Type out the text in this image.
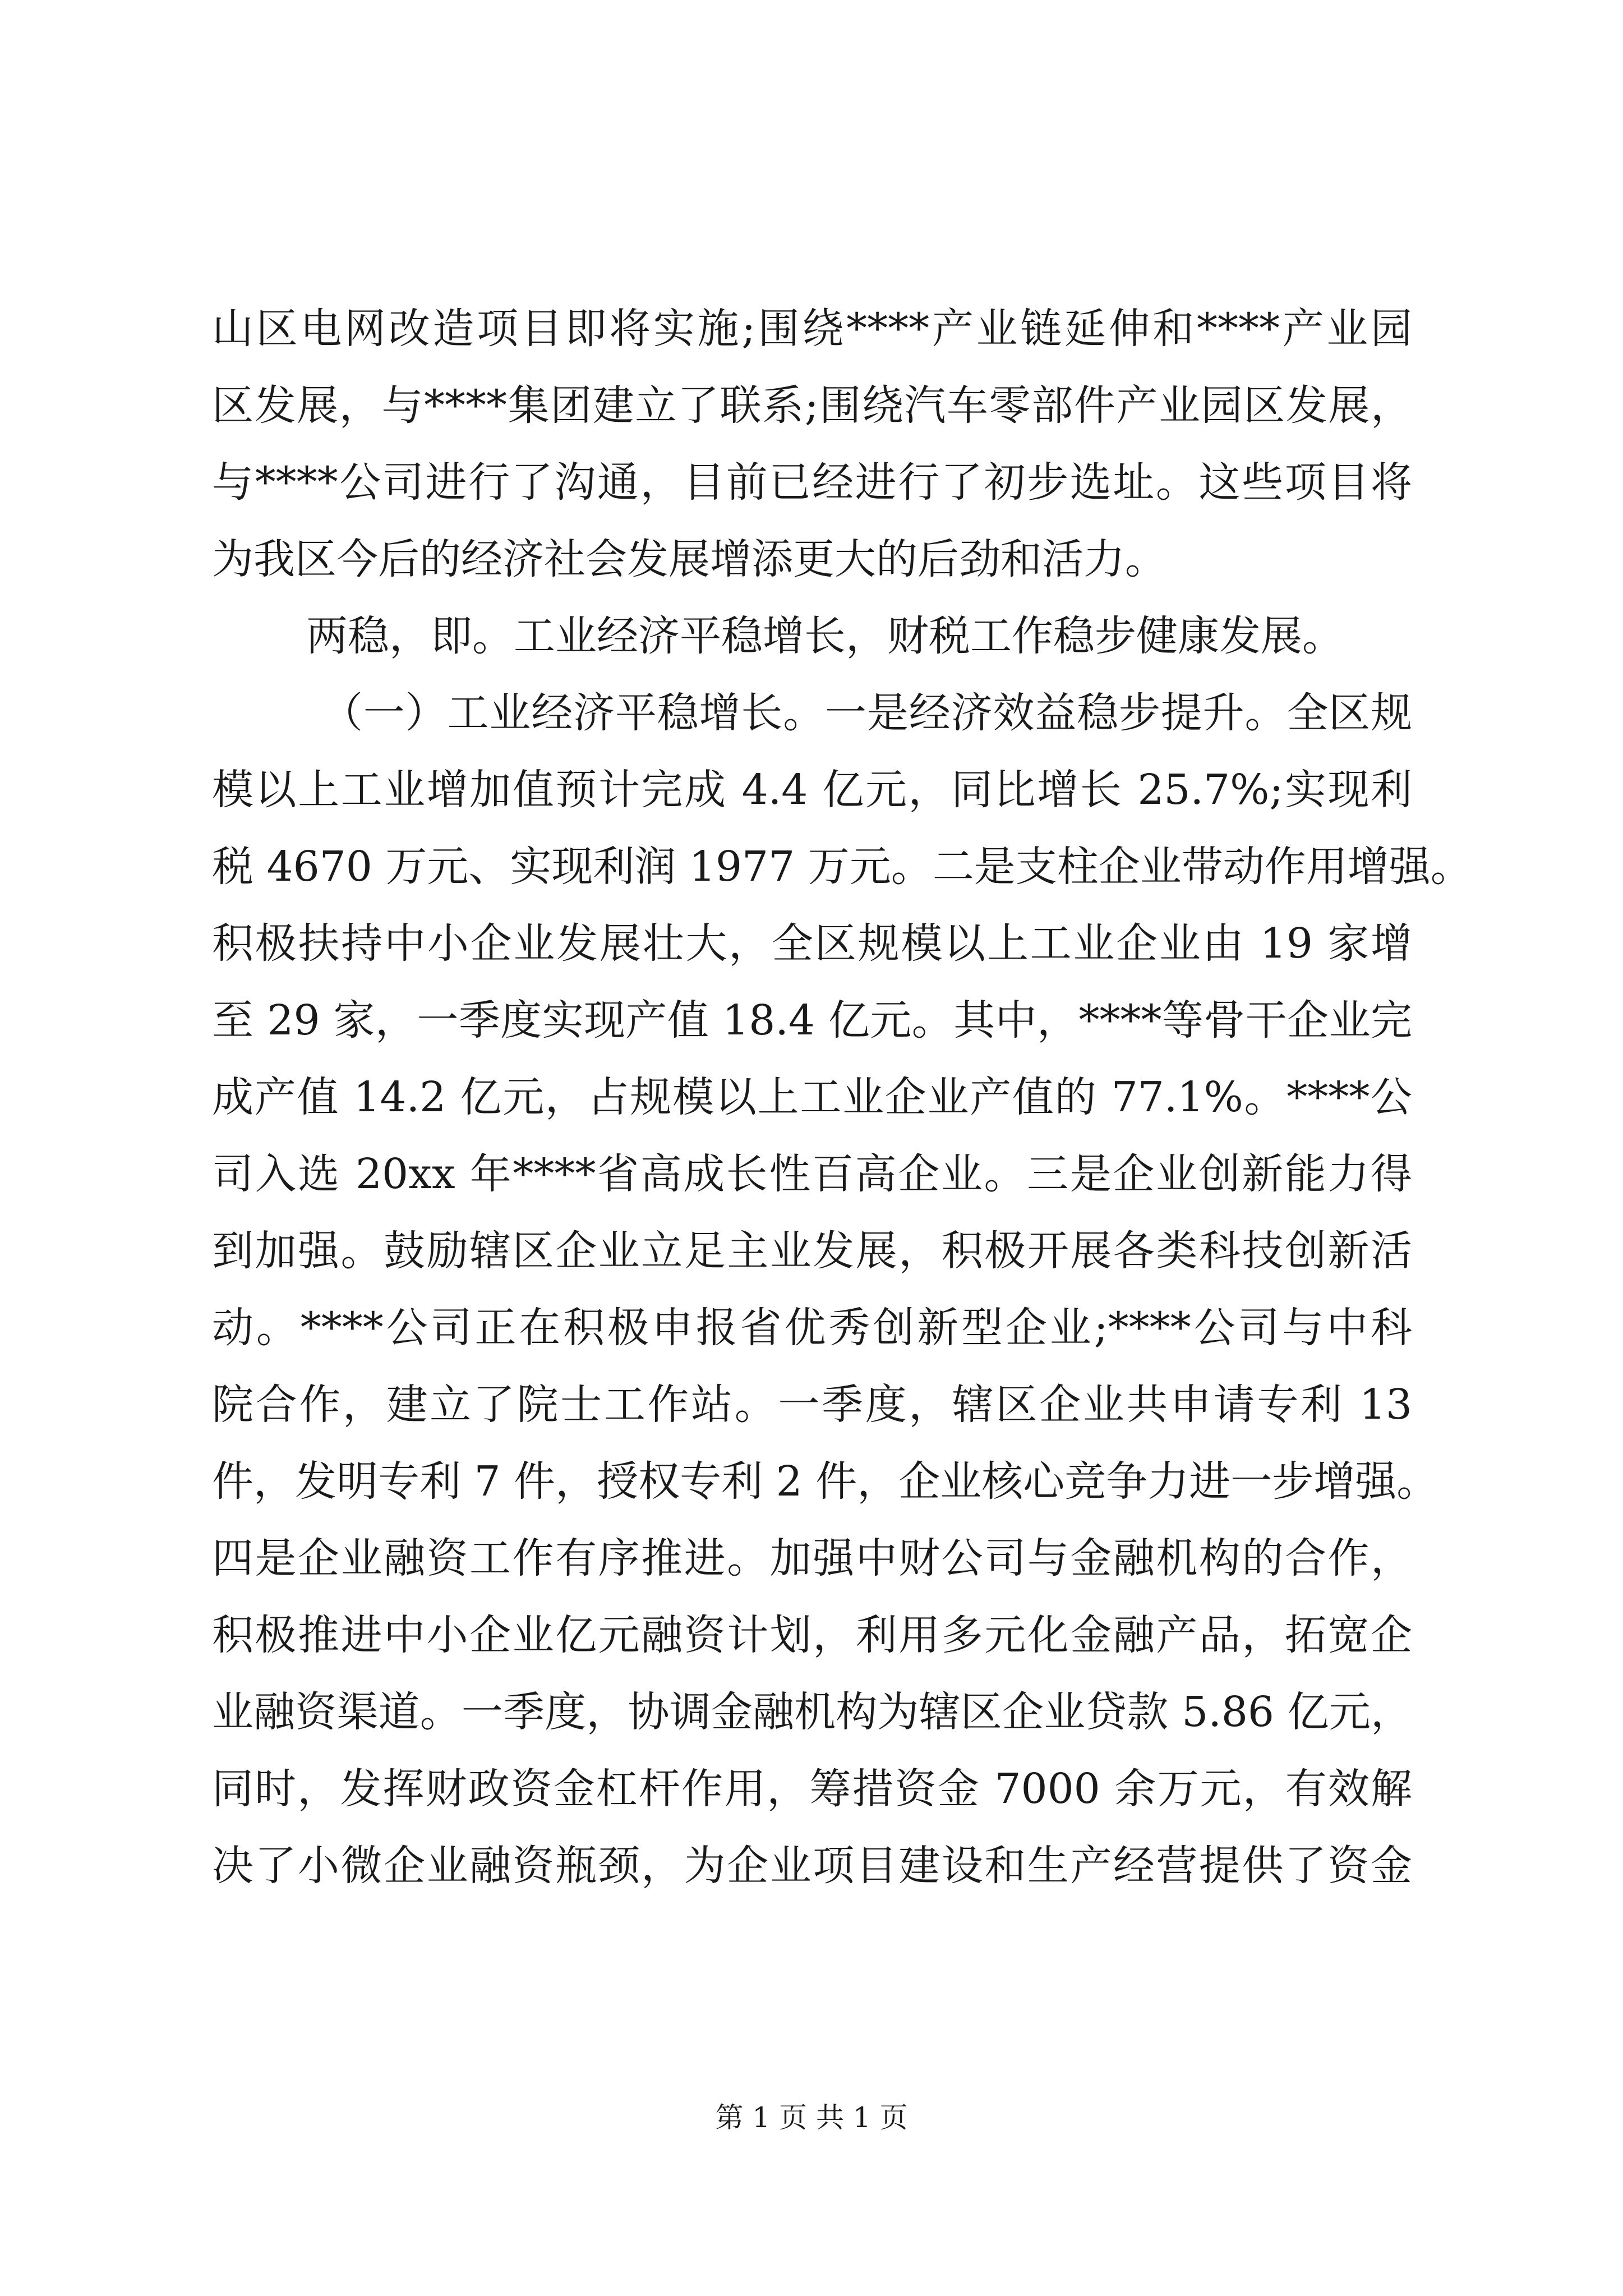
山区电网改造项目即将实施;围绕****产业链延伸和****产业园
区发展，与****集团建立了联系;围绕汽车零部件产业园区发展，
与****公司进行了沟通，目前已经进行了初步选址。这些项目将
为我区今后的经济社会发展增添更大的后劲和活力。
两稳，即。工业经济平稳增长，财税工作稳步健康发展。
（一）工业经济平稳增长。一是经济效益稳步提升。全区规
模以上工业增加值预计完成 4.4 亿元，同比增长 25.7%;实现利
税 4670 万元、实现利润 1977 万元。二是支柱企业带动作用增强。
积极扶持中小企业发展壮大，全区规模以上工业企业由 19 家增
至 29 家，一季度实现产值 18.4 亿元。其中，****等骨干企业完
成产值 14.2 亿元，占规模以上工业企业产值的 77.1%。****公
司入选 20xx 年****省高成长性百高企业。三是企业创新能力得
到加强。鼓励辖区企业立足主业发展，积极开展各类科技创新活
动。****公司正在积极申报省优秀创新型企业;****公司与中科
院合作，建立了院士工作站。一季度，辖区企业共申请专利 13
件，发明专利 7 件，授权专利 2 件，企业核心竞争力进一步增强。
四是企业融资工作有序推进。加强中财公司与金融机构的合作，
积极推进中小企业亿元融资计划，利用多元化金融产品，拓宽企
业融资渠道。一季度，协调金融机构为辖区企业贷款 5.86 亿元，
同时，发挥财政资金杠杆作用，筹措资金 7000 余万元，有效解
决了小微企业融资瓶颈，为企业项目建设和生产经营提供了资金
第 1 页 共 1 页
